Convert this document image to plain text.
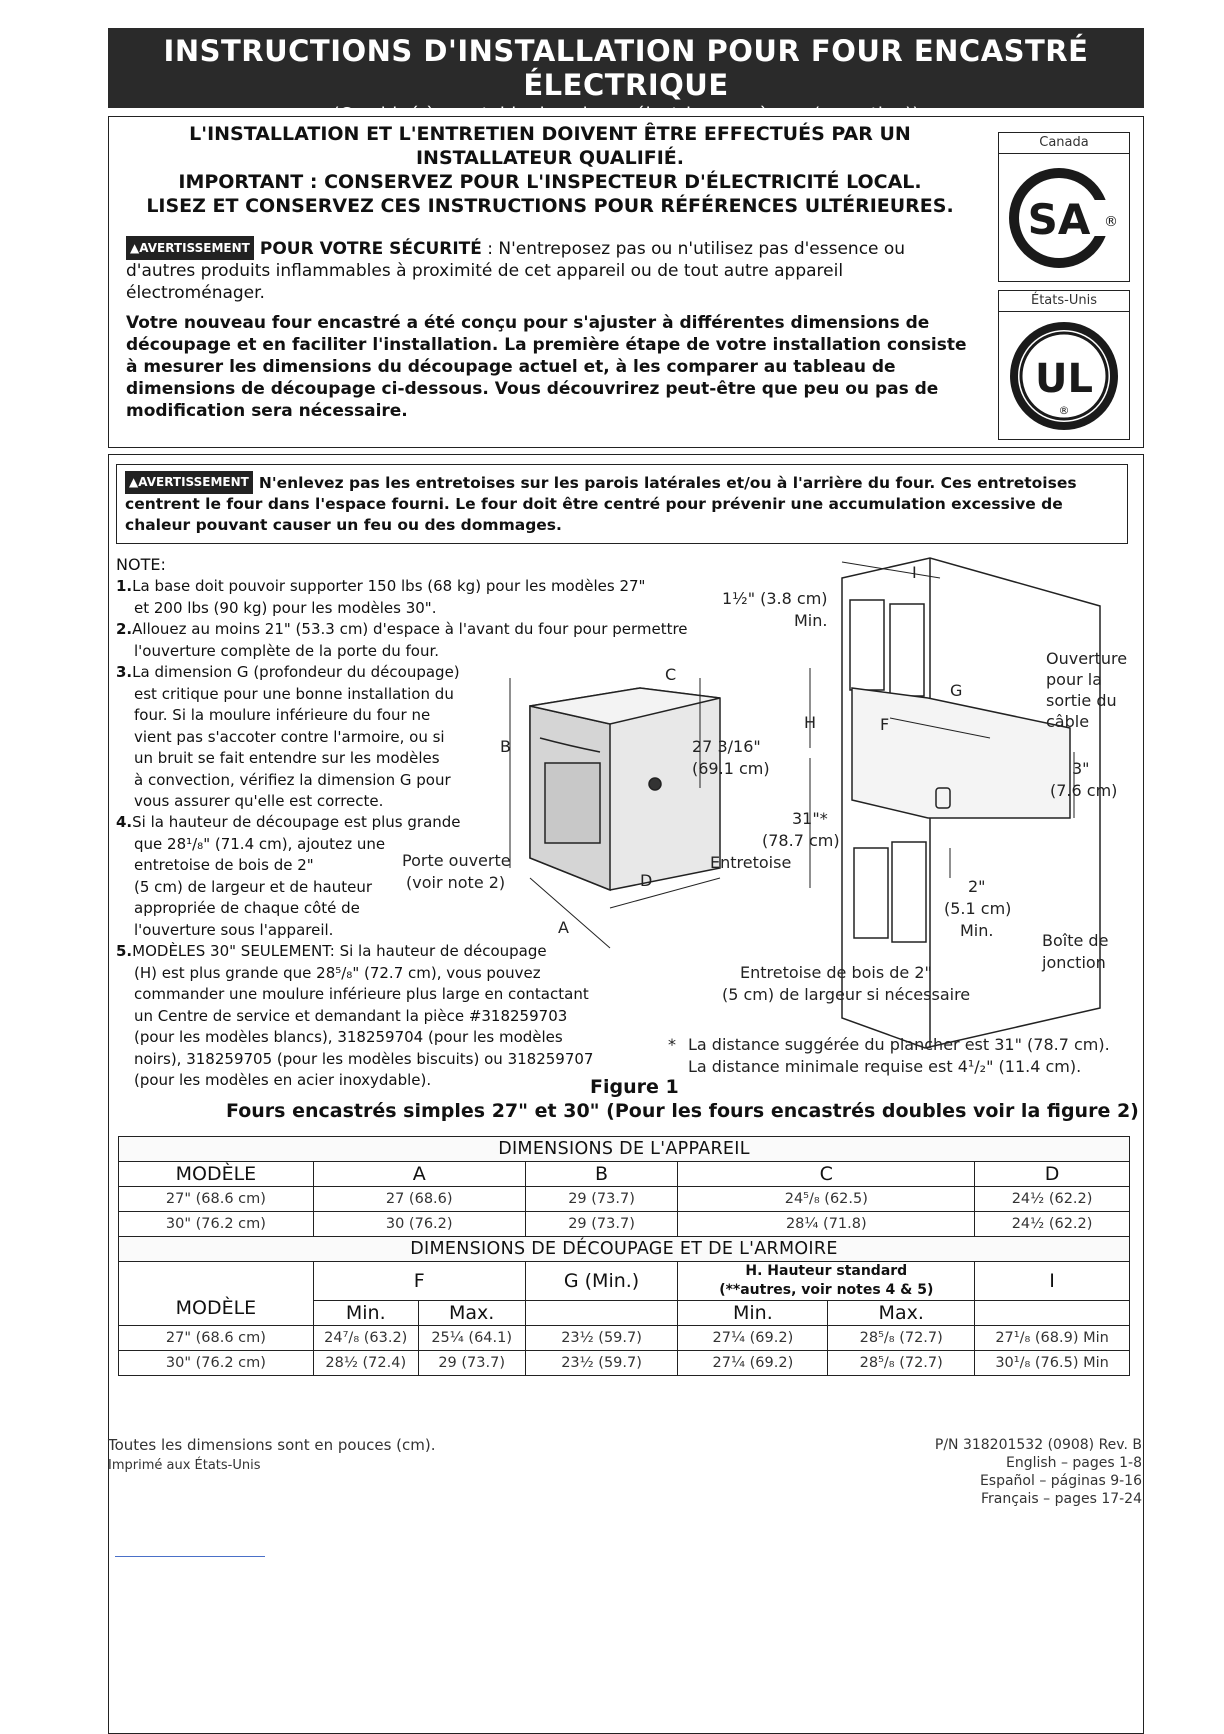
INSTRUCTIONS D'INSTALLATION POUR FOUR ENCASTRÉ ÉLECTRIQUE
(Combiné à une table de cuisson électrique ou à gaz (en option))
L'INSTALLATION ET L'ENTRETIEN DOIVENT ÊTRE EFFECTUÉS PAR UN
INSTALLATEUR QUALIFIÉ.
IMPORTANT : CONSERVEZ POUR L'INSPECTEUR D'ÉLECTRICITÉ LOCAL.
LISEZ ET CONSERVEZ CES INSTRUCTIONS POUR RÉFÉRENCES ULTÉRIEURES.
▲AVERTISSEMENT POUR VOTRE SÉCURITÉ : N'entreposez pas ou n'utilisez pas d'essence ou d'autres produits inflammables à proximité de cet appareil ou de tout autre appareil électroménager.
Votre nouveau four encastré a été conçu pour s'ajuster à différentes dimensions de découpage et en faciliter l'installation. La première étape de votre installation consiste à mesurer les dimensions du découpage actuel et, à les comparer au tableau de dimensions de découpage ci-dessous. Vous découvrirez peut-être que peu ou pas de modification sera nécessaire.
Canada
SA ®
États-Unis
UL
®
▲AVERTISSEMENT N'enlevez pas les entretoises sur les parois latérales et/ou à l'arrière du four. Ces entretoises centrent le four dans l'espace fourni. Le four doit être centré pour prévenir une accumulation excessive de chaleur pouvant causer un feu ou des dommages.
NOTE:
1.La base doit pouvoir supporter 150 lbs (68 kg) pour les modèles 27"
et 200 lbs (90 kg) pour les modèles 30".
2.Allouez au moins 21" (53.3 cm) d'espace à l'avant du four pour permettre
l'ouverture complète de la porte du four.
3.La dimension G (profondeur du découpage)
est critique pour une bonne installation du
four. Si la moulure inférieure du four ne
vient pas s'accoter contre l'armoire, ou si
un bruit se fait entendre sur les modèles
à convection, vérifiez la dimension G pour
vous assurer qu'elle est correcte.
4.Si la hauteur de découpage est plus grande
que 28¹/₈" (71.4 cm), ajoutez une
entretoise de bois de 2"
(5 cm) de largeur et de hauteur
appropriée de chaque côté de
l'ouverture sous l'appareil.
5.MODÈLES 30" SEULEMENT: Si la hauteur de découpage
(H) est plus grande que 28⁵/₈" (72.7 cm), vous pouvez
commander une moulure inférieure plus large en contactant
un Centre de service et demandant la pièce #318259703
(pour les modèles blancs), 318259704 (pour les modèles
noirs), 318259705 (pour les modèles biscuits) ou 318259707
(pour les modèles en acier inoxydable).
C
B
A
D
G
F
H
I
27 3/16"
(69.1 cm)
1½" (3.8 cm)
Min.
31"*
(78.7 cm)
Entretoise
Porte ouverte
(voir note 2)
Ouverture
pour la
sortie du
câble
3"
(7.6 cm)
2"
(5.1 cm)
Min.
Boîte de
jonction
Entretoise de bois de 2"
(5 cm) de largeur si nécessaire
* La distance suggérée du plancher est 31" (78.7 cm).
La distance minimale requise est 4¹/₂" (11.4 cm).
Figure 1
Fours encastrés simples 27" et 30" (Pour les fours encastrés doubles voir la figure 2)
DIMENSIONS DE L'APPAREIL						
MODÈLE	A		B	C		D
27" (68.6 cm)	27 (68.6)		29 (73.7)	24⁵/₈ (62.5)		24½ (62.2)
30" (76.2 cm)	30 (76.2)		29 (73.7)	28¼ (71.8)		24½ (62.2)
DIMENSIONS DE DÉCOUPAGE ET DE L'ARMOIRE						
MODÈLE	F		G (Min.)	H. Hauteur standard
(**autres, voir notes 4 & 5)		I
	Min.	Max.		Min.	Max.	
27" (68.6 cm)	24⁷/₈ (63.2)	25¼ (64.1)	23½ (59.7)	27¼ (69.2)	28⁵/₈ (72.7)	27¹/₈ (68.9) Min
30" (76.2 cm)	28½ (72.4)	29 (73.7)	23½ (59.7)	27¼ (69.2)	28⁵/₈ (72.7)	30¹/₈ (76.5) Min
Toutes les dimensions sont en pouces (cm).
Imprimé aux États-Unis
P/N 318201532 (0908) Rev. B
English – pages 1-8
Español – páginas 9-16
Français – pages 17-24
